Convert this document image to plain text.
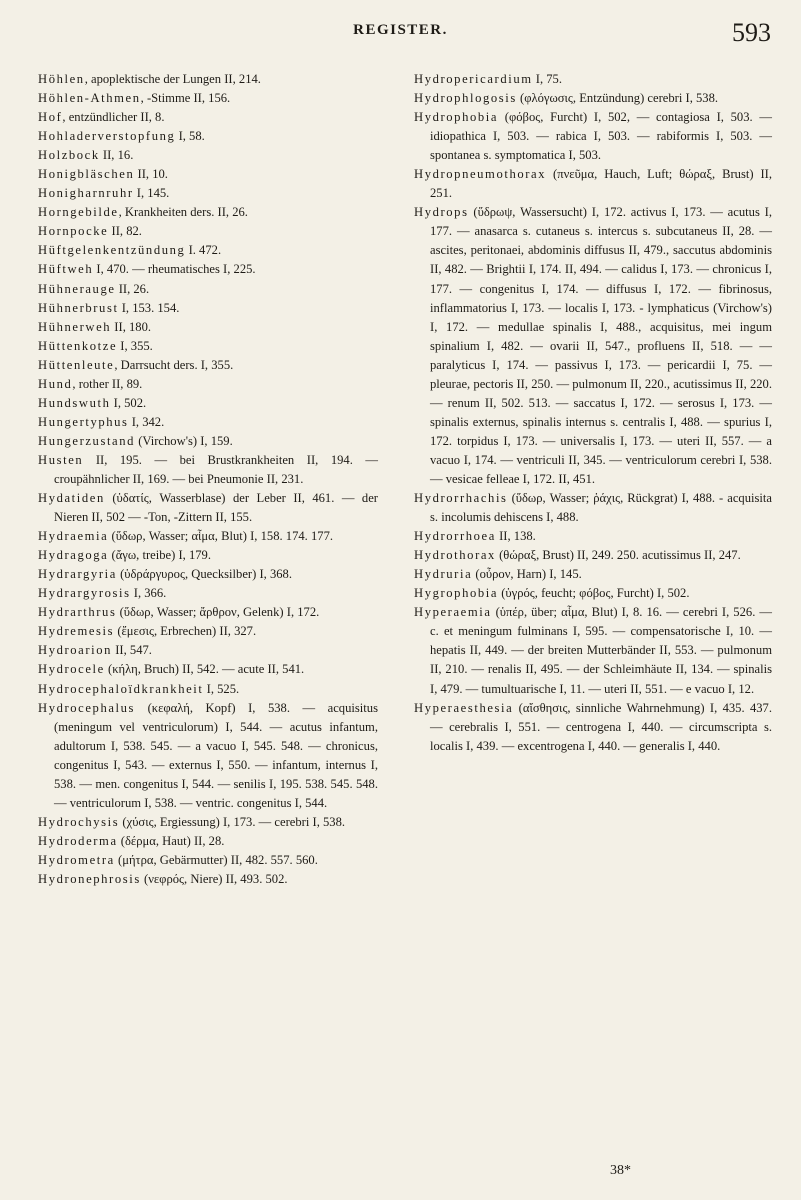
REGISTER.	593

Höhlen, apoplektische der Lungen II, 214.

Höhlen-Athmen, -Stimme II, 156.

Hof, entzündlicher II, 8.

Hohladerverstopfung I, 58.

Holzbock II, 16.

Honigbläschen II, 10.

Honigharnruhr I, 145.

Horngebilde, Krankheiten ders. II, 26.

Hornpocke II, 82.

Hüftgelenkentzündung I. 472.

Hüftweh I, 470. — rheumatisches I, 225.

Hühnerauge II, 26.

Hühnerbrust I, 153. 154.

Hühnerweh II, 180.

Hüttenkotze I, 355.

Hüttenleute, Darrsucht ders. I, 355.

Hund, rother II, 89.

Hundswuth I, 502.

Hungertyphus I, 342.

Hungerzustand (Virchow's) I, 159.

Husten II, 195. — bei Brustkrankheiten II, 194. — croupähnlicher II, 169. — bei Pneumonie II, 231.

Hydatiden (ὑδατίς, Wasserblase) der Leber II, 461. — der Nieren II, 502 — -Ton, -Zittern II, 155.

Hydraemia (ὕδωρ, Wasser; αἷμα, Blut) I, 158. 174. 177.

Hydragoga (ἄγω, treibe) I, 179.

Hydrargyria (ὑδράργυρος, Quecksilber) I, 368.

Hydrargyrosis I, 366.

Hydrarthrus (ὕδωρ, Wasser; ἄρθρον, Gelenk) I, 172.

Hydremesis (ἔμεσις, Erbrechen) II, 327.

Hydroarion II, 547.

Hydrocele (κήλη, Bruch) II, 542. — acute II, 541.

Hydrocephaloïdkrankheit I, 525.

Hydrocephalus (κεφαλή, Kopf) I, 538. — acquisitus (meningum vel ventriculorum) I, 544. — acutus infantum, adultorum I, 538. 545. — a vacuo I, 545. 548. — chronicus, congenitus I, 543. — externus I, 550. — infantum, internus I, 538. — men. congenitus I, 544. — senilis I, 195. 538. 545. 548. — ventriculorum I, 538. — ventric. congenitus I, 544.

Hydrochysis (χύσις, Ergiessung) I, 173. — cerebri I, 538.

Hydroderma (δέρμα, Haut) II, 28.

Hydrometra (μήτρα, Gebärmutter) II, 482. 557. 560.

Hydronephrosis (νεφρός, Niere) II, 493. 502.

Hydropericardium I, 75.

Hydrophlogosis (φλόγωσις, Entzündung) cerebri I, 538.

Hydrophobia (φόβος, Furcht) I, 502, — contagiosa I, 503. — idiopathica I, 503. — rabica I, 503. — rabiformis I, 503. — spontanea s. symptomatica I, 503.

Hydropneumothorax (πνεῦμα, Hauch, Luft; θώραξ, Brust) II, 251.

Hydrops (ὕδρωψ, Wassersucht) I, 172. activus I, 173. — acutus I, 177. — anasarca s. cutaneus s. intercus s. subcutaneus II, 28. — ascites, peritonaei, abdominis diffusus II, 479., saccutus abdominis II, 482. — Brightii I, 174. II, 494. — calidus I, 173. — chronicus I, 177. — congenitus I, 174. — diffusus I, 172. — fibrinosus, inflammatorius I, 173. — localis I, 173. - lymphaticus (Virchow's) I, 172. — medullae spinalis I, 488., acquisitus, mei ingum spinalium I, 482. — ovarii II, 547., profluens II, 518. — — paralyticus I, 174. — passivus I, 173. — pericardii I, 75. — pleurae, pectoris II, 250. — pulmonum II, 220., acutissimus II, 220. — renum II, 502. 513. — saccatus I, 172. — serosus I, 173. — spinalis externus, spinalis internus s. centralis I, 488. — spurius I, 172. torpidus I, 173. — universalis I, 173. — uteri II, 557. — a vacuo I, 174. — ventriculi II, 345. — ventriculorum cerebri I, 538. — vesicae felleae I, 172. II, 451.

Hydrorrhachis (ὕδωρ, Wasser; ῥάχις, Rückgrat) I, 488. - acquisita s. incolumis dehiscens I, 488.

Hydrorrhoea II, 138.

Hydrothorax (θώραξ, Brust) II, 249. 250. acutissimus II, 247.

Hydruria (οὖρον, Harn) I, 145.

Hygrophobia (ὑγρός, feucht; φόβος, Furcht) I, 502.

Hyperaemia (ὑπέρ, über; αἷμα, Blut) I, 8. 16. — cerebri I, 526. — c. et meningum fulminans I, 595. — compensatorische I, 10. — hepatis II, 449. — der breiten Mutterbänder II, 553. — pulmonum II, 210. — renalis II, 495. — der Schleimhäute II, 134. — spinalis I, 479. — tumultuarische I, 11. — uteri II, 551. — e vacuo I, 12.

Hyperaesthesia (αἴσθησις, sinnliche Wahrnehmung) I, 435. 437. — cerebralis I, 551. — centrogena I, 440. — circumscripta s. localis I, 439. — excentrogena I, 440. — generalis I, 440.

38*
